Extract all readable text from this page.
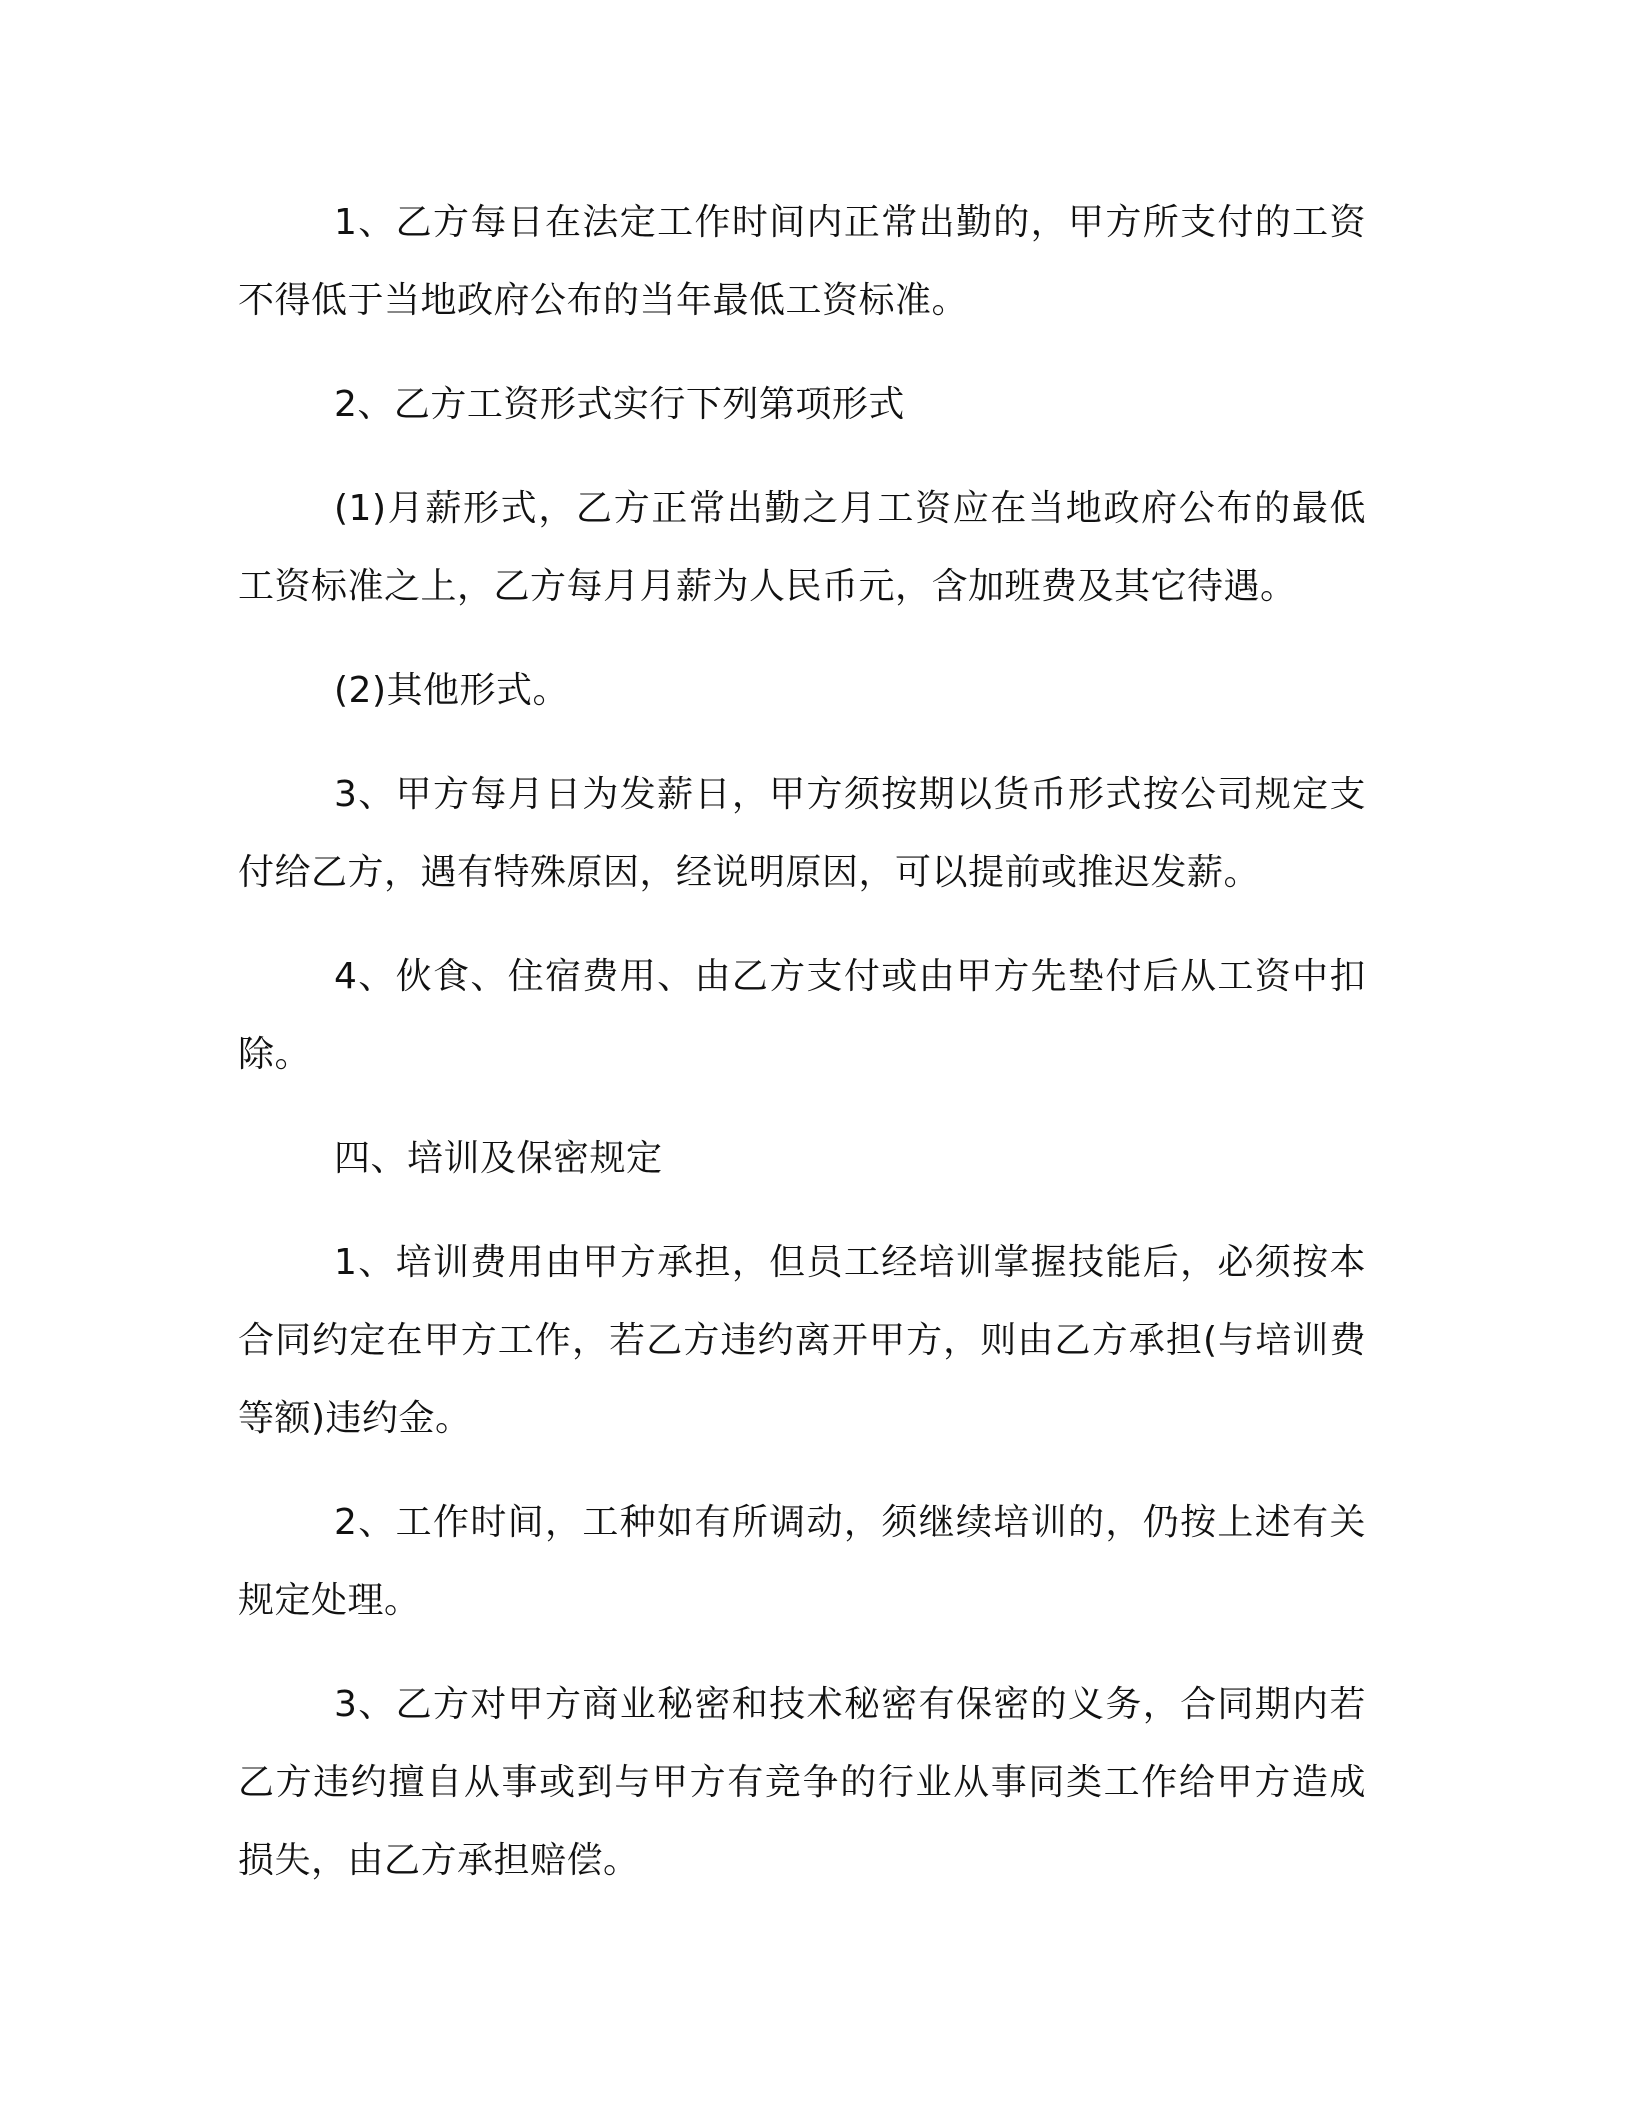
1、乙方每日在法定工作时间内正常出勤的，甲方所支付的工资不得低于当地政府公布的当年最低工资标准。

2、乙方工资形式实行下列第项形式

(1)月薪形式，乙方正常出勤之月工资应在当地政府公布的最低工资标准之上，乙方每月月薪为人民币元，含加班费及其它待遇。

(2)其他形式。

3、甲方每月日为发薪日，甲方须按期以货币形式按公司规定支付给乙方，遇有特殊原因，经说明原因，可以提前或推迟发薪。

4、伙食、住宿费用、由乙方支付或由甲方先垫付后从工资中扣除。

四、培训及保密规定

1、培训费用由甲方承担，但员工经培训掌握技能后，必须按本合同约定在甲方工作，若乙方违约离开甲方，则由乙方承担(与培训费等额)违约金。

2、工作时间，工种如有所调动，须继续培训的，仍按上述有关规定处理。

3、乙方对甲方商业秘密和技术秘密有保密的义务，合同期内若乙方违约擅自从事或到与甲方有竞争的行业从事同类工作给甲方造成损失，由乙方承担赔偿。
